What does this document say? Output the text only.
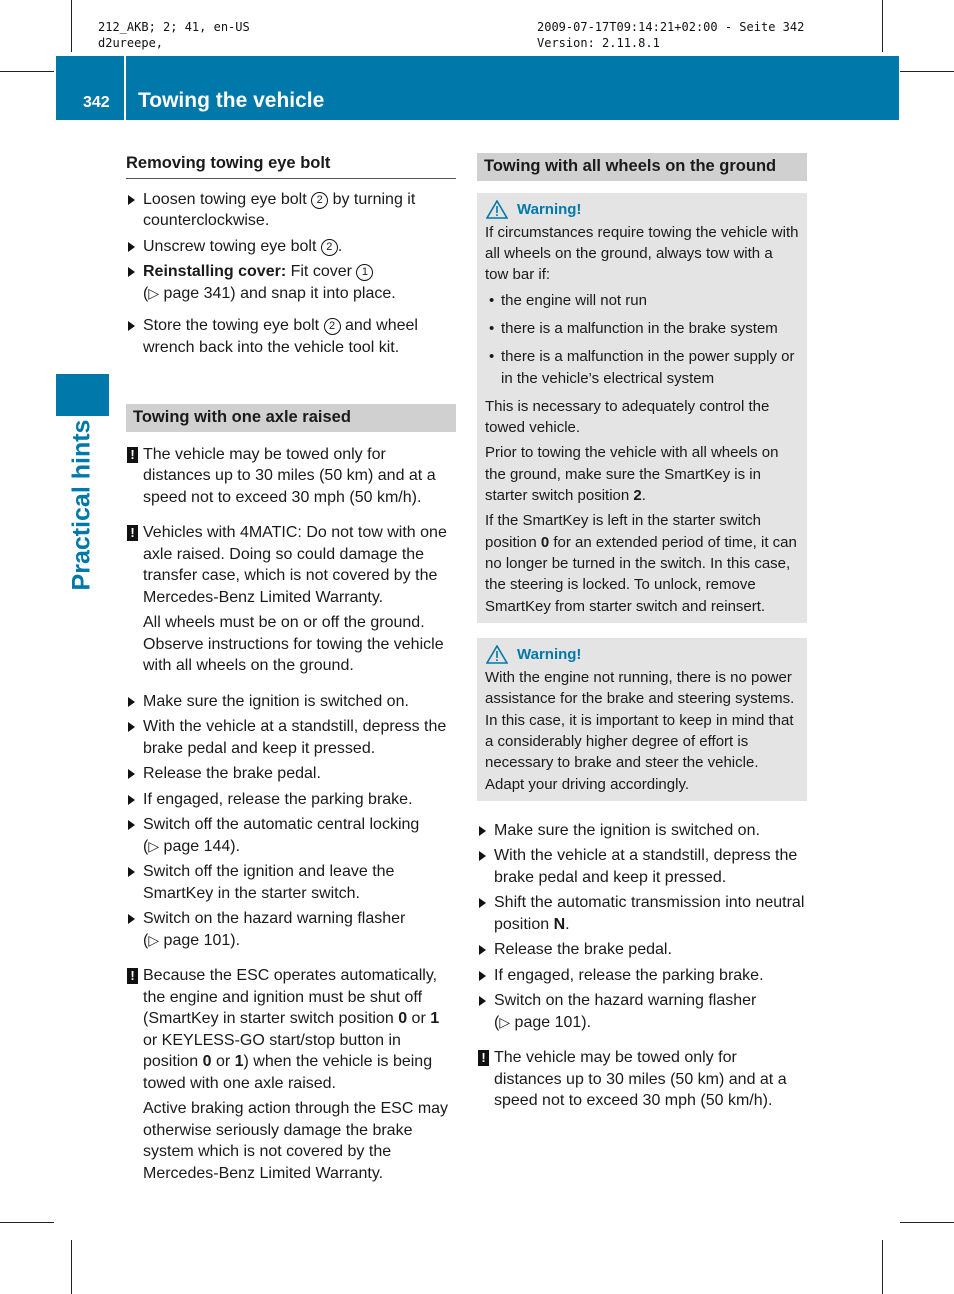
212_AKB; 2; 41, en-US
d2ureepe,
2009-07-17T09:14:21+02:00 - Seite 342
Version: 2.11.8.1
342 Towing the vehicle
Practical hints
Removing towing eye bolt
Loosen towing eye bolt 2 by turning it counterclockwise.
Unscrew towing eye bolt 2 .
Reinstalling cover: Fit cover 1
(▷ page 341) and snap it into place.
Store the towing eye bolt 2 and wheel wrench back into the vehicle tool kit.
Towing with one axle raised
! The vehicle may be towed only for distances up to 30 miles (50 km) and at a speed not to exceed 30 mph (50 km/h).
! Vehicles with 4MATIC: Do not tow with one axle raised. Doing so could damage the transfer case, which is not covered by the Mercedes-Benz Limited Warranty.
All wheels must be on or off the ground. Observe instructions for towing the vehicle with all wheels on the ground.
Make sure the ignition is switched on.
With the vehicle at a standstill, depress the brake pedal and keep it pressed.
Release the brake pedal.
If engaged, release the parking brake.
Switch off the automatic central locking
(▷ page 144).
Switch off the ignition and leave the SmartKey in the starter switch.
Switch on the hazard warning flasher
(▷ page 101).
! Because the ESC operates automatically, the engine and ignition must be shut off (SmartKey in starter switch position 0 or 1 or KEYLESS-GO start/stop button in position 0 or 1) when the vehicle is being towed with one axle raised.
Active braking action through the ESC may otherwise seriously damage the brake system which is not covered by the Mercedes-Benz Limited Warranty.
Towing with all wheels on the ground
Warning!

If circumstances require towing the vehicle with all wheels on the ground, always tow with a tow bar if:

• the engine will not run
• there is a malfunction in the brake system
• there is a malfunction in the power supply or in the vehicle’s electrical system

This is necessary to adequately control the towed vehicle.

Prior to towing the vehicle with all wheels on the ground, make sure the SmartKey is in starter switch position 2.

If the SmartKey is left in the starter switch position 0 for an extended period of time, it can no longer be turned in the switch. In this case, the steering is locked. To unlock, remove SmartKey from starter switch and reinsert.

Warning!

With the engine not running, there is no power assistance for the brake and steering systems. In this case, it is important to keep in mind that a considerably higher degree of effort is necessary to brake and steer the vehicle. Adapt your driving accordingly.

Make sure the ignition is switched on.
With the vehicle at a standstill, depress the brake pedal and keep it pressed.
Shift the automatic transmission into neutral position N.
Release the brake pedal.
If engaged, release the parking brake.
Switch on the hazard warning flasher
(▷ page 101).
! The vehicle may be towed only for distances up to 30 miles (50 km) and at a speed not to exceed 30 mph (50 km/h).
